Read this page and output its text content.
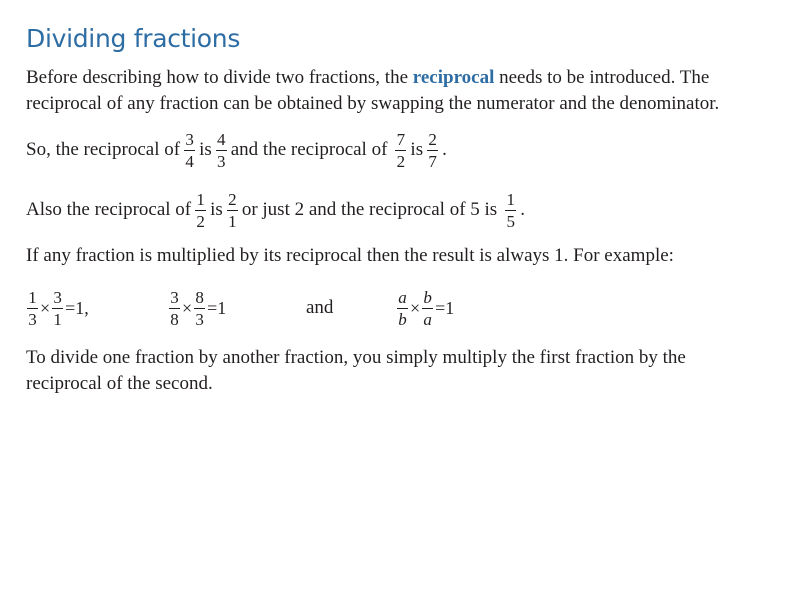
Dividing fractions

Before describing how to divide two fractions, the reciprocal needs to be introduced. The reciprocal of any fraction can be obtained by swapping the numerator and the denominator.

So, the reciprocal of $\frac{3}{4}$ is $\frac{4}{3}$ and the reciprocal of $\frac{7}{2}$ is $\frac{2}{7}$ .
Also the reciprocal of $\frac{1}{2}$ is $\frac{2}{1}$ or just 2 and the reciprocal of 5 is $\frac{1}{5}$ .

If any fraction is multiplied by its reciprocal then the result is always 1. For example:

$\frac{1}{3} \times \frac{3}{1} =1$,	$\frac{3}{8} \times \frac{8}{3} =1$	and	$\frac{a}{b} \times \frac{b}{a} =1$

To divide one fraction by another fraction, you simply multiply the first fraction by the reciprocal of the second.
